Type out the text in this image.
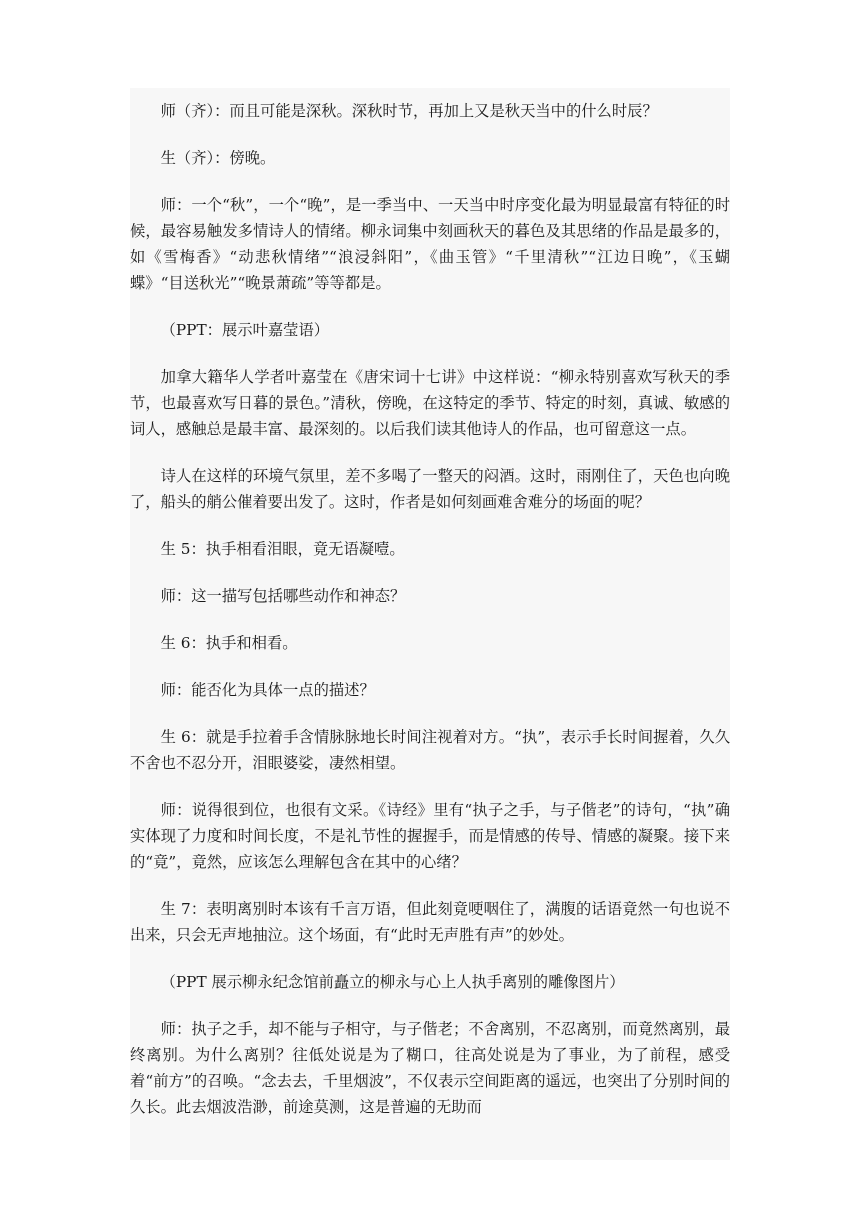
师（齐）：而且可能是深秋。深秋时节，再加上又是秋天当中的什么时辰？

生（齐）：傍晚。

师：一个“秋”，一个“晚”，是一季当中、一天当中时序变化最为明显最富有特征的时候，最容易触发多情诗人的情绪。柳永词集中刻画秋天的暮色及其思绪的作品是最多的，如《雪梅香》“动悲秋情绪”“浪浸斜阳”，《曲玉管》“千里清秋”“江边日晚”，《玉蝴蝶》“目送秋光”“晚景萧疏”等等都是。

（PPT：展示叶嘉莹语）

加拿大籍华人学者叶嘉莹在《唐宋词十七讲》中这样说：“柳永特别喜欢写秋天的季节，也最喜欢写日暮的景色。”清秋，傍晚，在这特定的季节、特定的时刻，真诚、敏感的词人，感触总是最丰富、最深刻的。以后我们读其他诗人的作品，也可留意这一点。

诗人在这样的环境气氛里，差不多喝了一整天的闷酒。这时，雨刚住了，天色也向晚了，船头的艄公催着要出发了。这时，作者是如何刻画难舍难分的场面的呢？

生 5：执手相看泪眼，竟无语凝噎。

师：这一描写包括哪些动作和神态？

生 6：执手和相看。

师：能否化为具体一点的描述？

生 6：就是手拉着手含情脉脉地长时间注视着对方。“执”，表示手长时间握着，久久不舍也不忍分开，泪眼婆娑，凄然相望。

师：说得很到位，也很有文采。《诗经》里有“执子之手，与子偕老”的诗句，“执”确实体现了力度和时间长度，不是礼节性的握握手，而是情感的传导、情感的凝聚。接下来的“竟”，竟然，应该怎么理解包含在其中的心绪？

生 7：表明离别时本该有千言万语，但此刻竟哽咽住了，满腹的话语竟然一句也说不出来，只会无声地抽泣。这个场面，有“此时无声胜有声”的妙处。

（PPT 展示柳永纪念馆前矗立的柳永与心上人执手离别的雕像图片）

师：执子之手，却不能与子相守，与子偕老；不舍离别，不忍离别，而竟然离别，最终离别。为什么离别？往低处说是为了糊口，往高处说是为了事业，为了前程，感受着“前方”的召唤。“念去去，千里烟波”，不仅表示空间距离的遥远，也突出了分别时间的久长。此去烟波浩渺，前途莫测，这是普遍的无助而
